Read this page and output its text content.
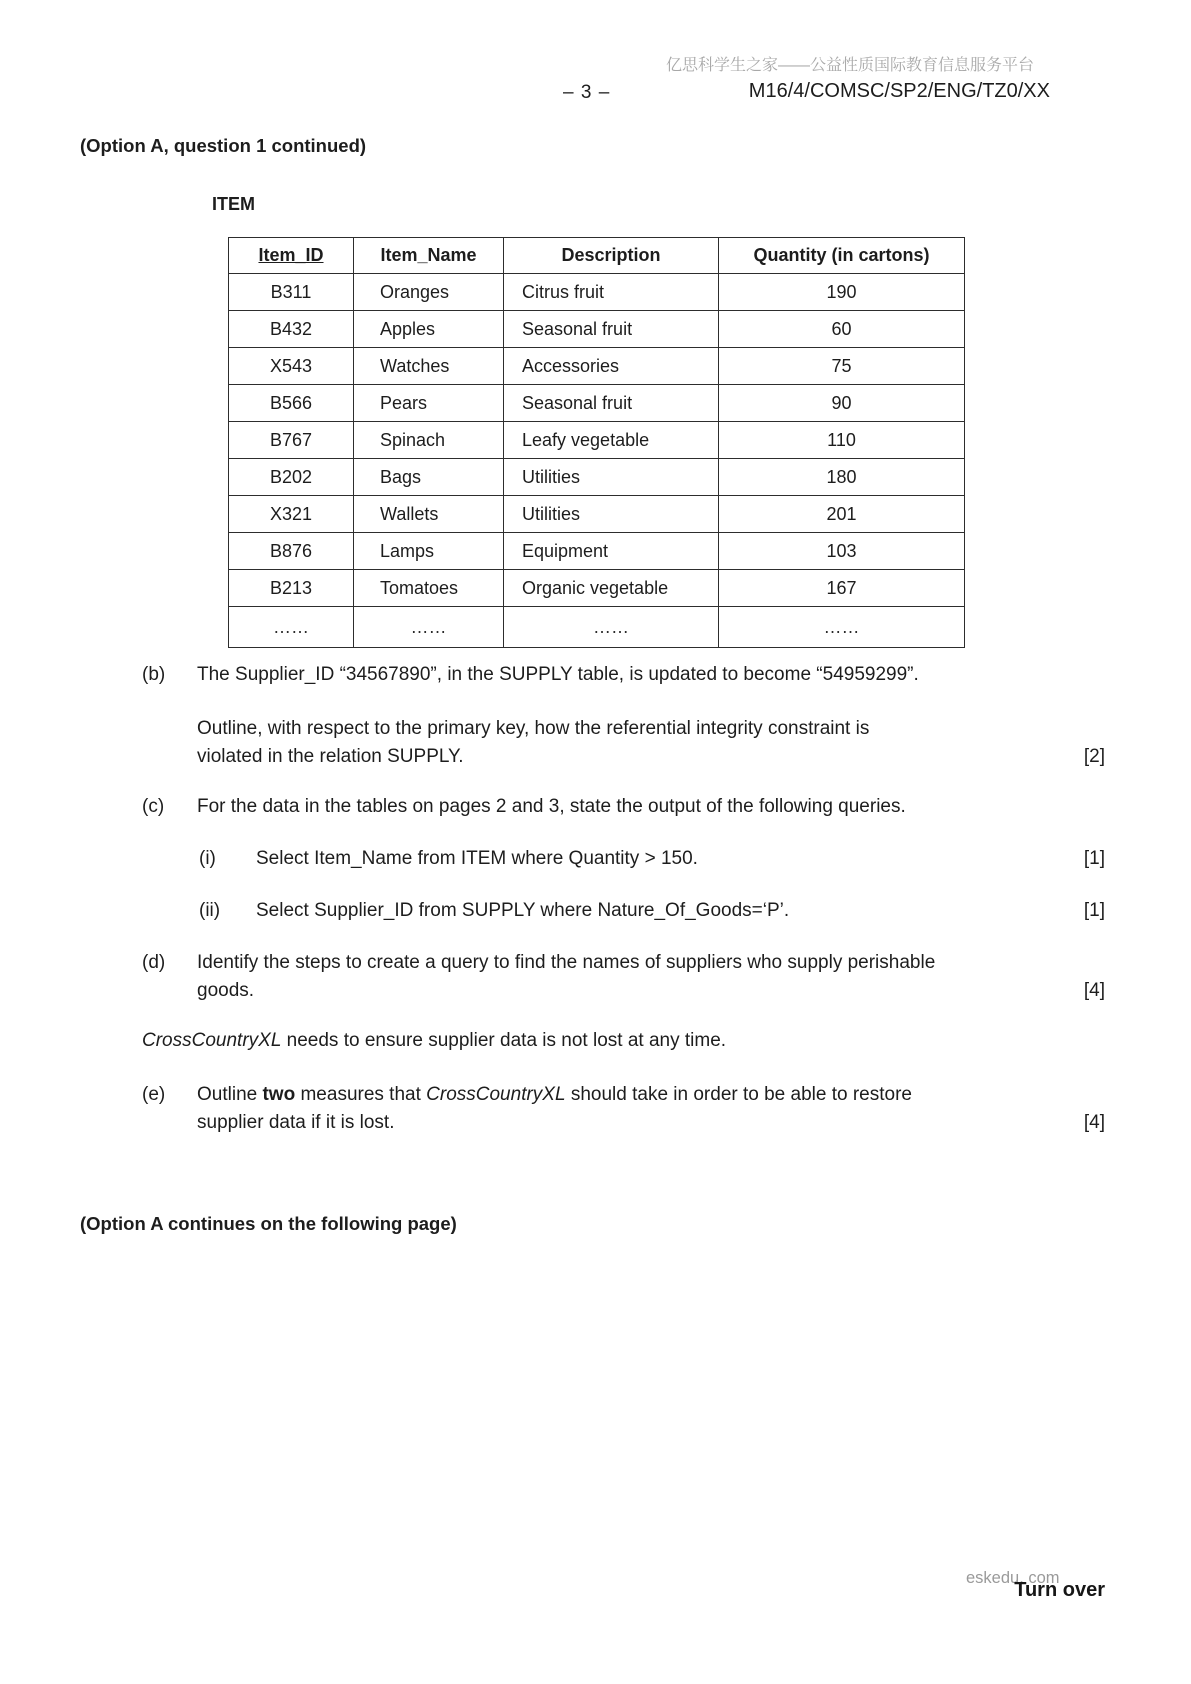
亿思科学生之家——公益性质国际教育信息服务平台
– 3 –	M16/4/COMSC/SP2/ENG/TZ0/XX
(Option A, question 1 continued)
ITEM
Item_ID	Item_Name	Description	Quantity (in cartons)
B311	Oranges	Citrus fruit	190
B432	Apples	Seasonal fruit	60
X543	Watches	Accessories	75
B566	Pears	Seasonal fruit	90
B767	Spinach	Leafy vegetable	110
B202	Bags	Utilities	180
X321	Wallets	Utilities	201
B876	Lamps	Equipment	103
B213	Tomatoes	Organic vegetable	167
……	……	……	……
(b) The Supplier_ID “34567890”, in the SUPPLY table, is updated to become “54959299”.
Outline, with respect to the primary key, how the referential integrity constraint is
violated in the relation SUPPLY.	[2]
(c) For the data in the tables on pages 2 and 3, state the output of the following queries.
(i) Select Item_Name from ITEM where Quantity > 150.	[1]
(ii) Select Supplier_ID from SUPPLY where Nature_Of_Goods=‘P’.	[1]
(d) Identify the steps to create a query to find the names of suppliers who supply perishable
goods.	[4]
CrossCountryXL needs to ensure supplier data is not lost at any time.
(e) Outline two measures that CrossCountryXL should take in order to be able to restore
supplier data if it is lost.	[4]
(Option A continues on the following page)
eskedu. com
Turn over
